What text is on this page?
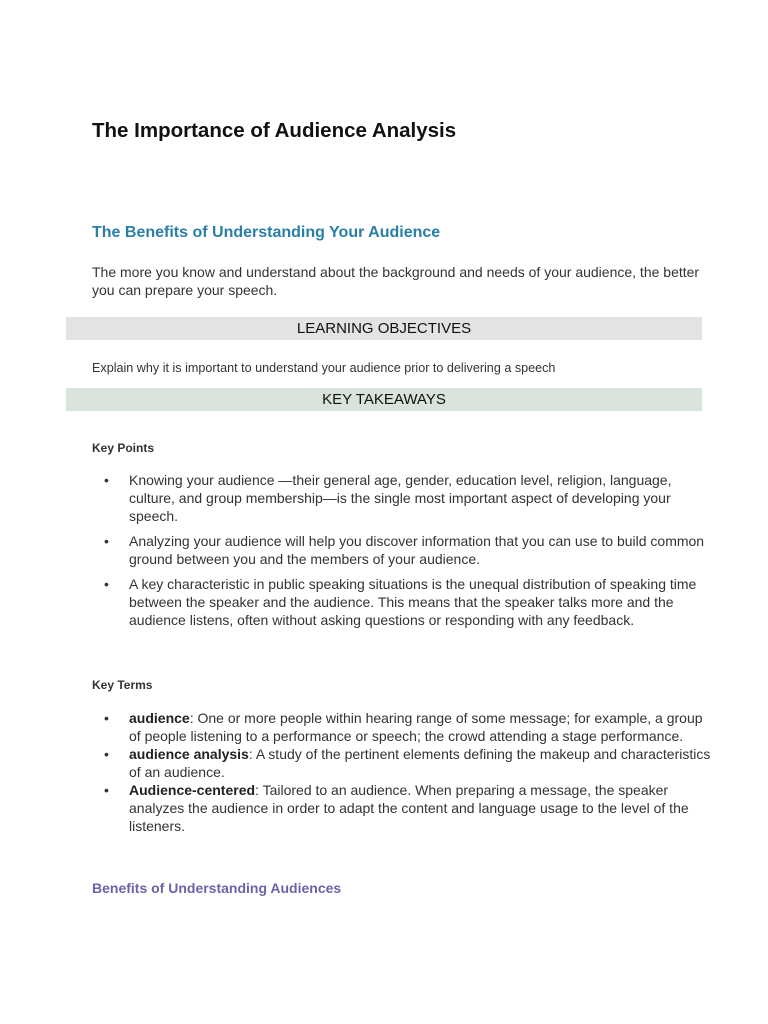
The Importance of Audience Analysis
The Benefits of Understanding Your Audience

The more you know and understand about the background and needs of your audience, the better you can prepare your speech.

LEARNING OBJECTIVES

Explain why it is important to understand your audience prior to delivering a speech

KEY TAKEAWAYS

Key Points

• Knowing your audience —their general age, gender, education level, religion, language, culture, and group membership—is the single most important aspect of developing your speech.
• Analyzing your audience will help you discover information that you can use to build common ground between you and the members of your audience.
• A key characteristic in public speaking situations is the unequal distribution of speaking time between the speaker and the audience. This means that the speaker talks more and the audience listens, often without asking questions or responding with any feedback.

Key Terms

• audience: One or more people within hearing range of some message; for example, a group of people listening to a performance or speech; the crowd attending a stage performance.
• audience analysis: A study of the pertinent elements defining the makeup and characteristics of an audience.
• Audience-centered: Tailored to an audience. When preparing a message, the speaker analyzes the audience in order to adapt the content and language usage to the level of the listeners.
Benefits of Understanding Audiences
